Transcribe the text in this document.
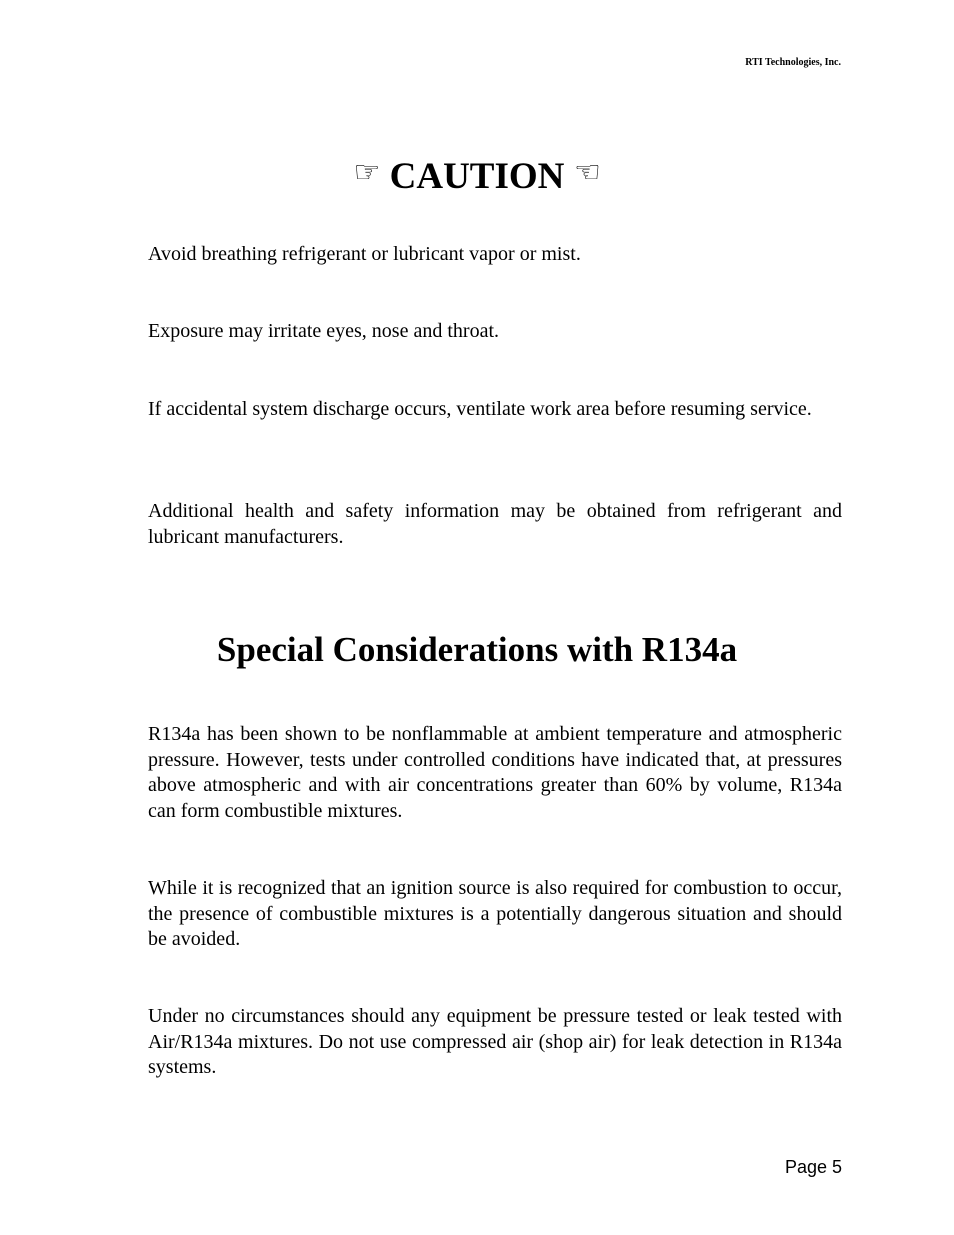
RTI Technologies, Inc.
☞ CAUTION ☞

Avoid breathing refrigerant or lubricant vapor or mist.

Exposure may irritate eyes, nose and throat.

If accidental system discharge occurs, ventilate work area before resuming service.

Additional health and safety information may be obtained from refrigerant and lubricant manufacturers.

Special Considerations with R134a

R134a has been shown to be nonflammable at ambient temperature and atmospheric pressure. However, tests under controlled conditions have indicated that, at pressures above atmospheric and with air concentrations greater than 60% by volume, R134a can form combustible mixtures.

While it is recognized that an ignition source is also required for combustion to occur, the presence of combustible mixtures is a potentially dangerous situation and should be avoided.

Under no circumstances should any equipment be pressure tested or leak tested with Air/R134a mixtures. Do not use compressed air (shop air) for leak detection in R134a systems.

Page 5
